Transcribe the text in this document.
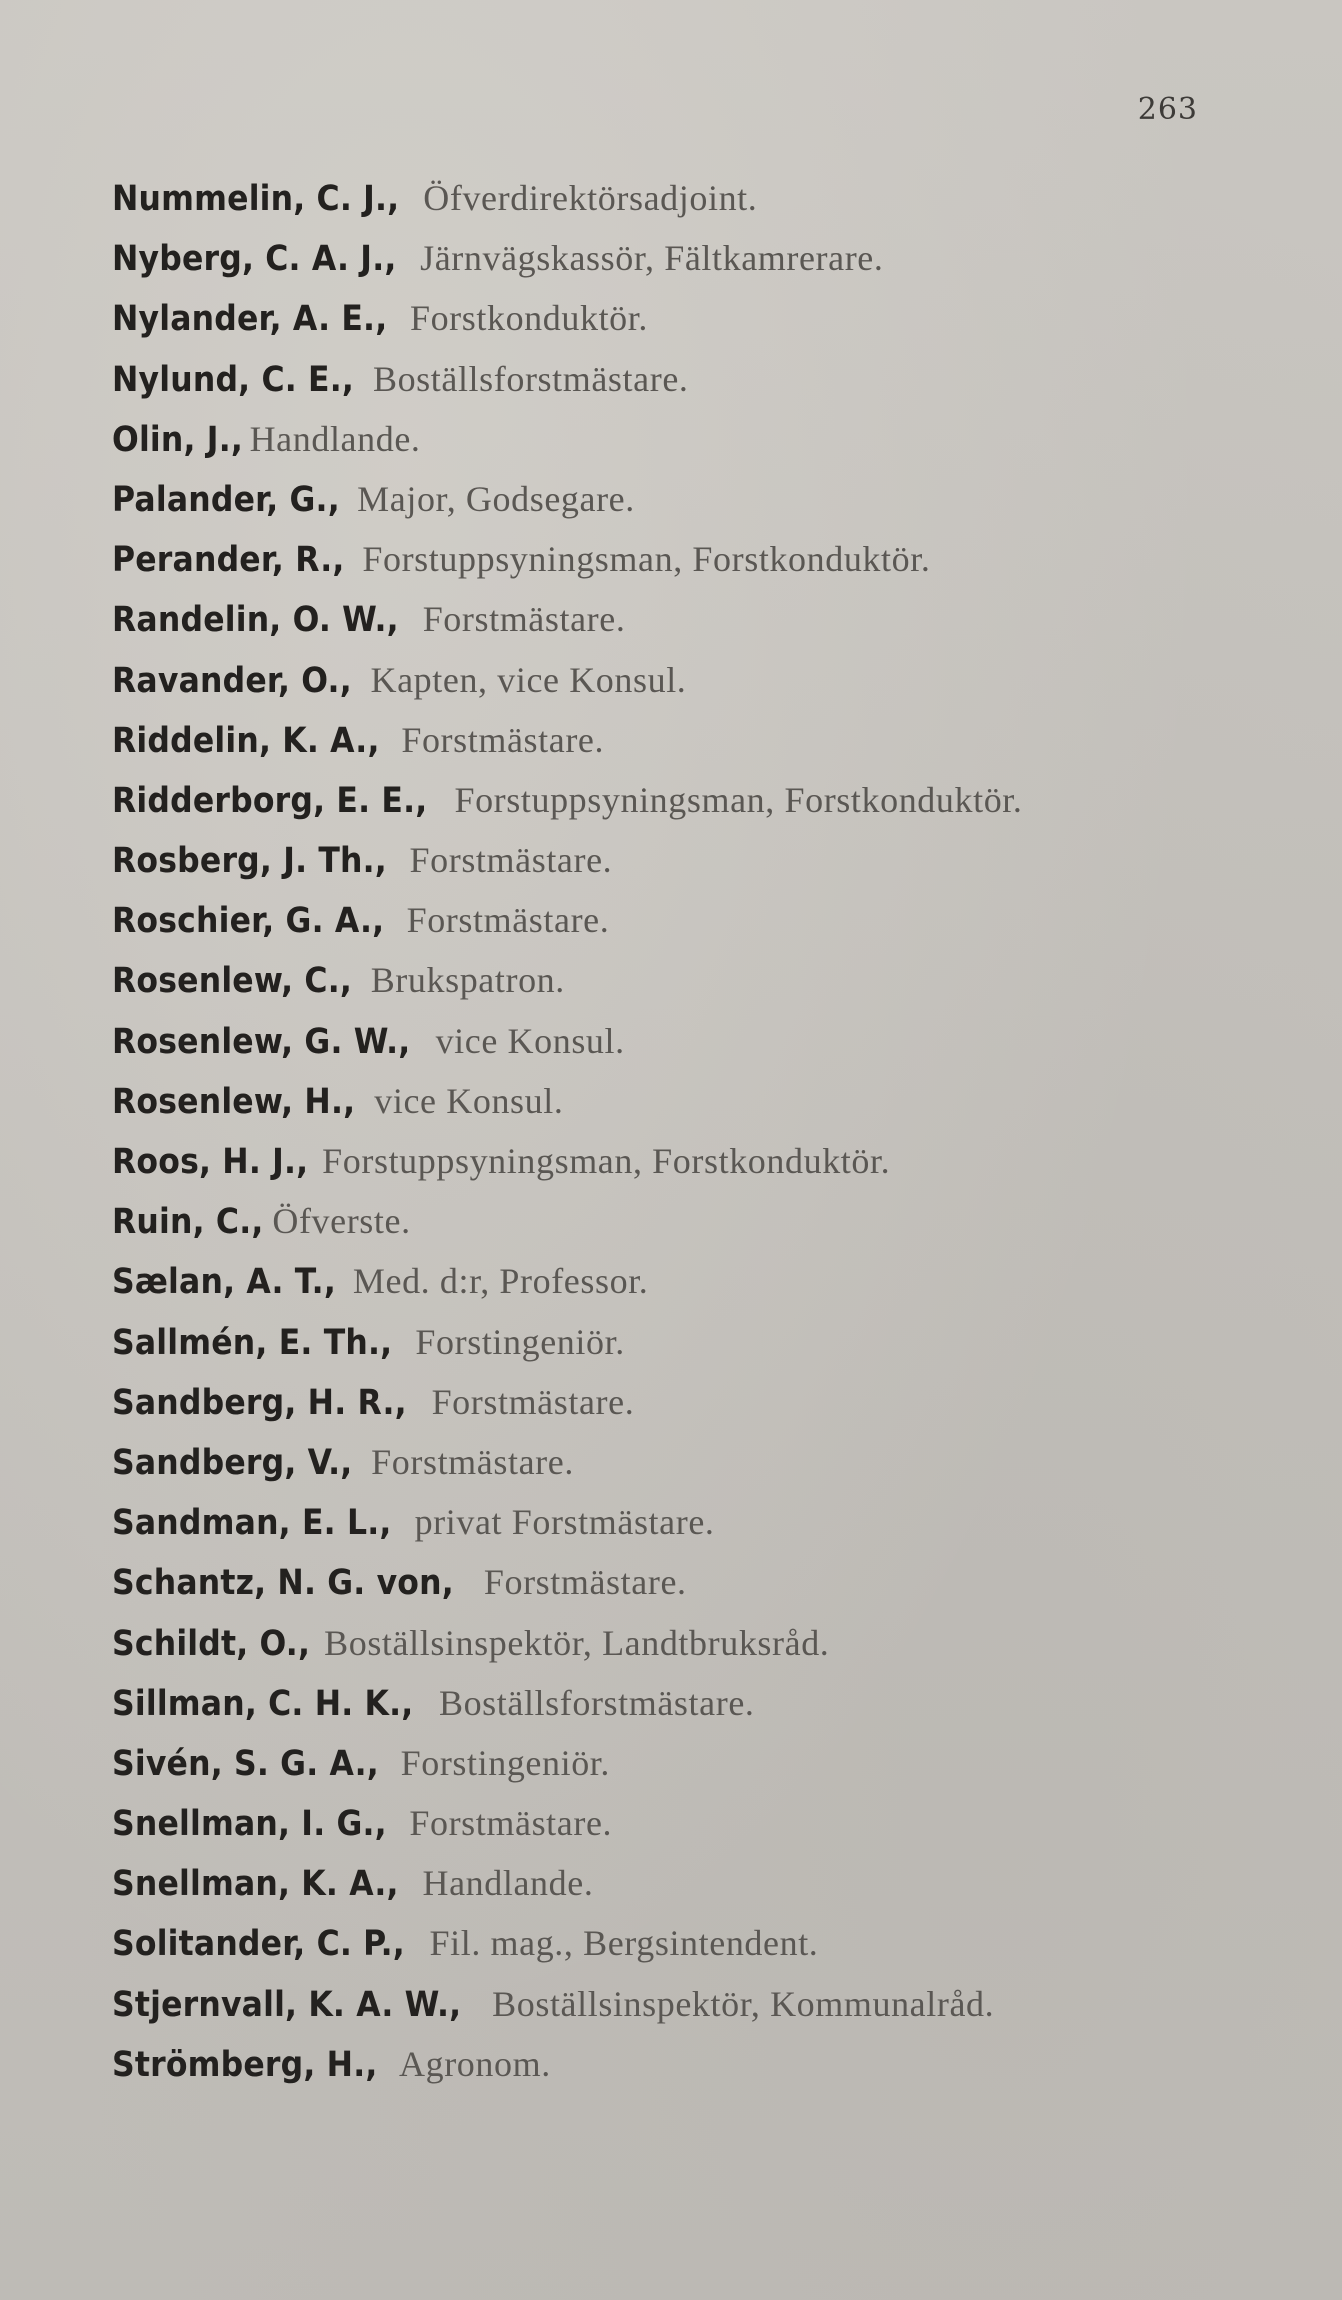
263
Nummelin, C. J., Öfverdirektörsadjoint.
Nyberg, C. A. J., Järnvägskassör, Fältkamrerare.
Nylander, A. E., Forstkonduktör.
Nylund, C. E., Boställsforstmästare.
Olin, J., Handlande.
Palander, G., Major, Godsegare.
Perander, R., Forstuppsyningsman, Forstkonduktör.
Randelin, O. W., Forstmästare.
Ravander, O., Kapten, vice Konsul.
Riddelin, K. A., Forstmästare.
Ridderborg, E. E., Forstuppsyningsman, Forstkonduktör.
Rosberg, J. Th., Forstmästare.
Roschier, G. A., Forstmästare.
Rosenlew, C., Brukspatron.
Rosenlew, G. W., vice Konsul.
Rosenlew, H., vice Konsul.
Roos, H. J., Forstuppsyningsman, Forstkonduktör.
Ruin, C., Öfverste.
Sælan, A. T., Med. d:r, Professor.
Sallmén, E. Th., Forstingeniör.
Sandberg, H. R., Forstmästare.
Sandberg, V., Forstmästare.
Sandman, E. L., privat Forstmästare.
Schantz, N. G. von, Forstmästare.
Schildt, O., Boställsinspektör, Landtbruksråd.
Sillman, C. H. K., Boställsforstmästare.
Sivén, S. G. A., Forstingeniör.
Snellman, I. G., Forstmästare.
Snellman, K. A., Handlande.
Solitander, C. P., Fil. mag., Bergsintendent.
Stjernvall, K. A. W., Boställsinspektör, Kommunalråd.
Strömberg, H., Agronom.
